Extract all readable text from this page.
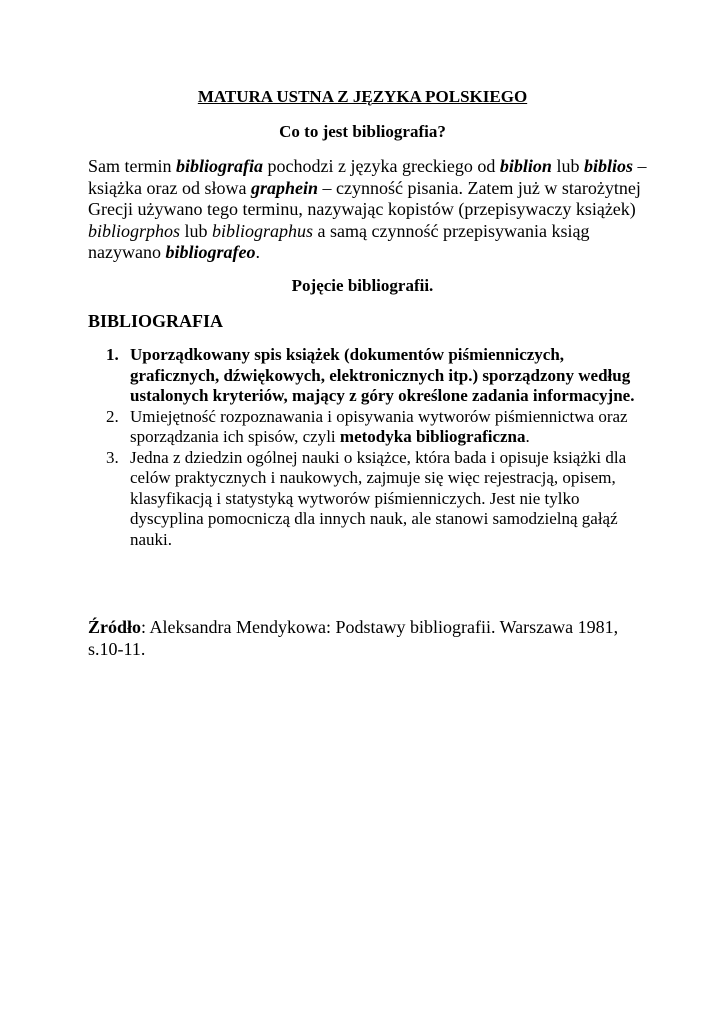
MATURA USTNA Z JĘZYKA POLSKIEGO
Co to jest bibliografia?
Sam termin bibliografia pochodzi z języka greckiego od biblion lub biblios – książka oraz od słowa graphein – czynność pisania. Zatem już w starożytnej Grecji używano tego terminu, nazywając kopistów (przepisywaczy książek) bibliogrphos lub bibliographus a samą czynność przepisywania ksiąg nazywano bibliografeo.
Pojęcie bibliografii.
BIBLIOGRAFIA
1. Uporządkowany spis książek (dokumentów piśmienniczych, graficznych, dźwiękowych, elektronicznych itp.) sporządzony według ustalonych kryteriów, mający z góry określone zadania informacyjne.
2. Umiejętność rozpoznawania i opisywania wytworów piśmiennictwa oraz sporządzania ich spisów, czyli metodyka bibliograficzna.
3. Jedna z dziedzin ogólnej nauki o książce, która bada i opisuje książki dla celów praktycznych i naukowych, zajmuje się więc rejestracją, opisem, klasyfikacją i statystyką wytworów piśmienniczych. Jest nie tylko dyscyplina pomocniczą dla innych nauk, ale stanowi samodzielną gałąź nauki.
Źródło: Aleksandra Mendykowa: Podstawy bibliografii. Warszawa 1981,
s.10-11.
